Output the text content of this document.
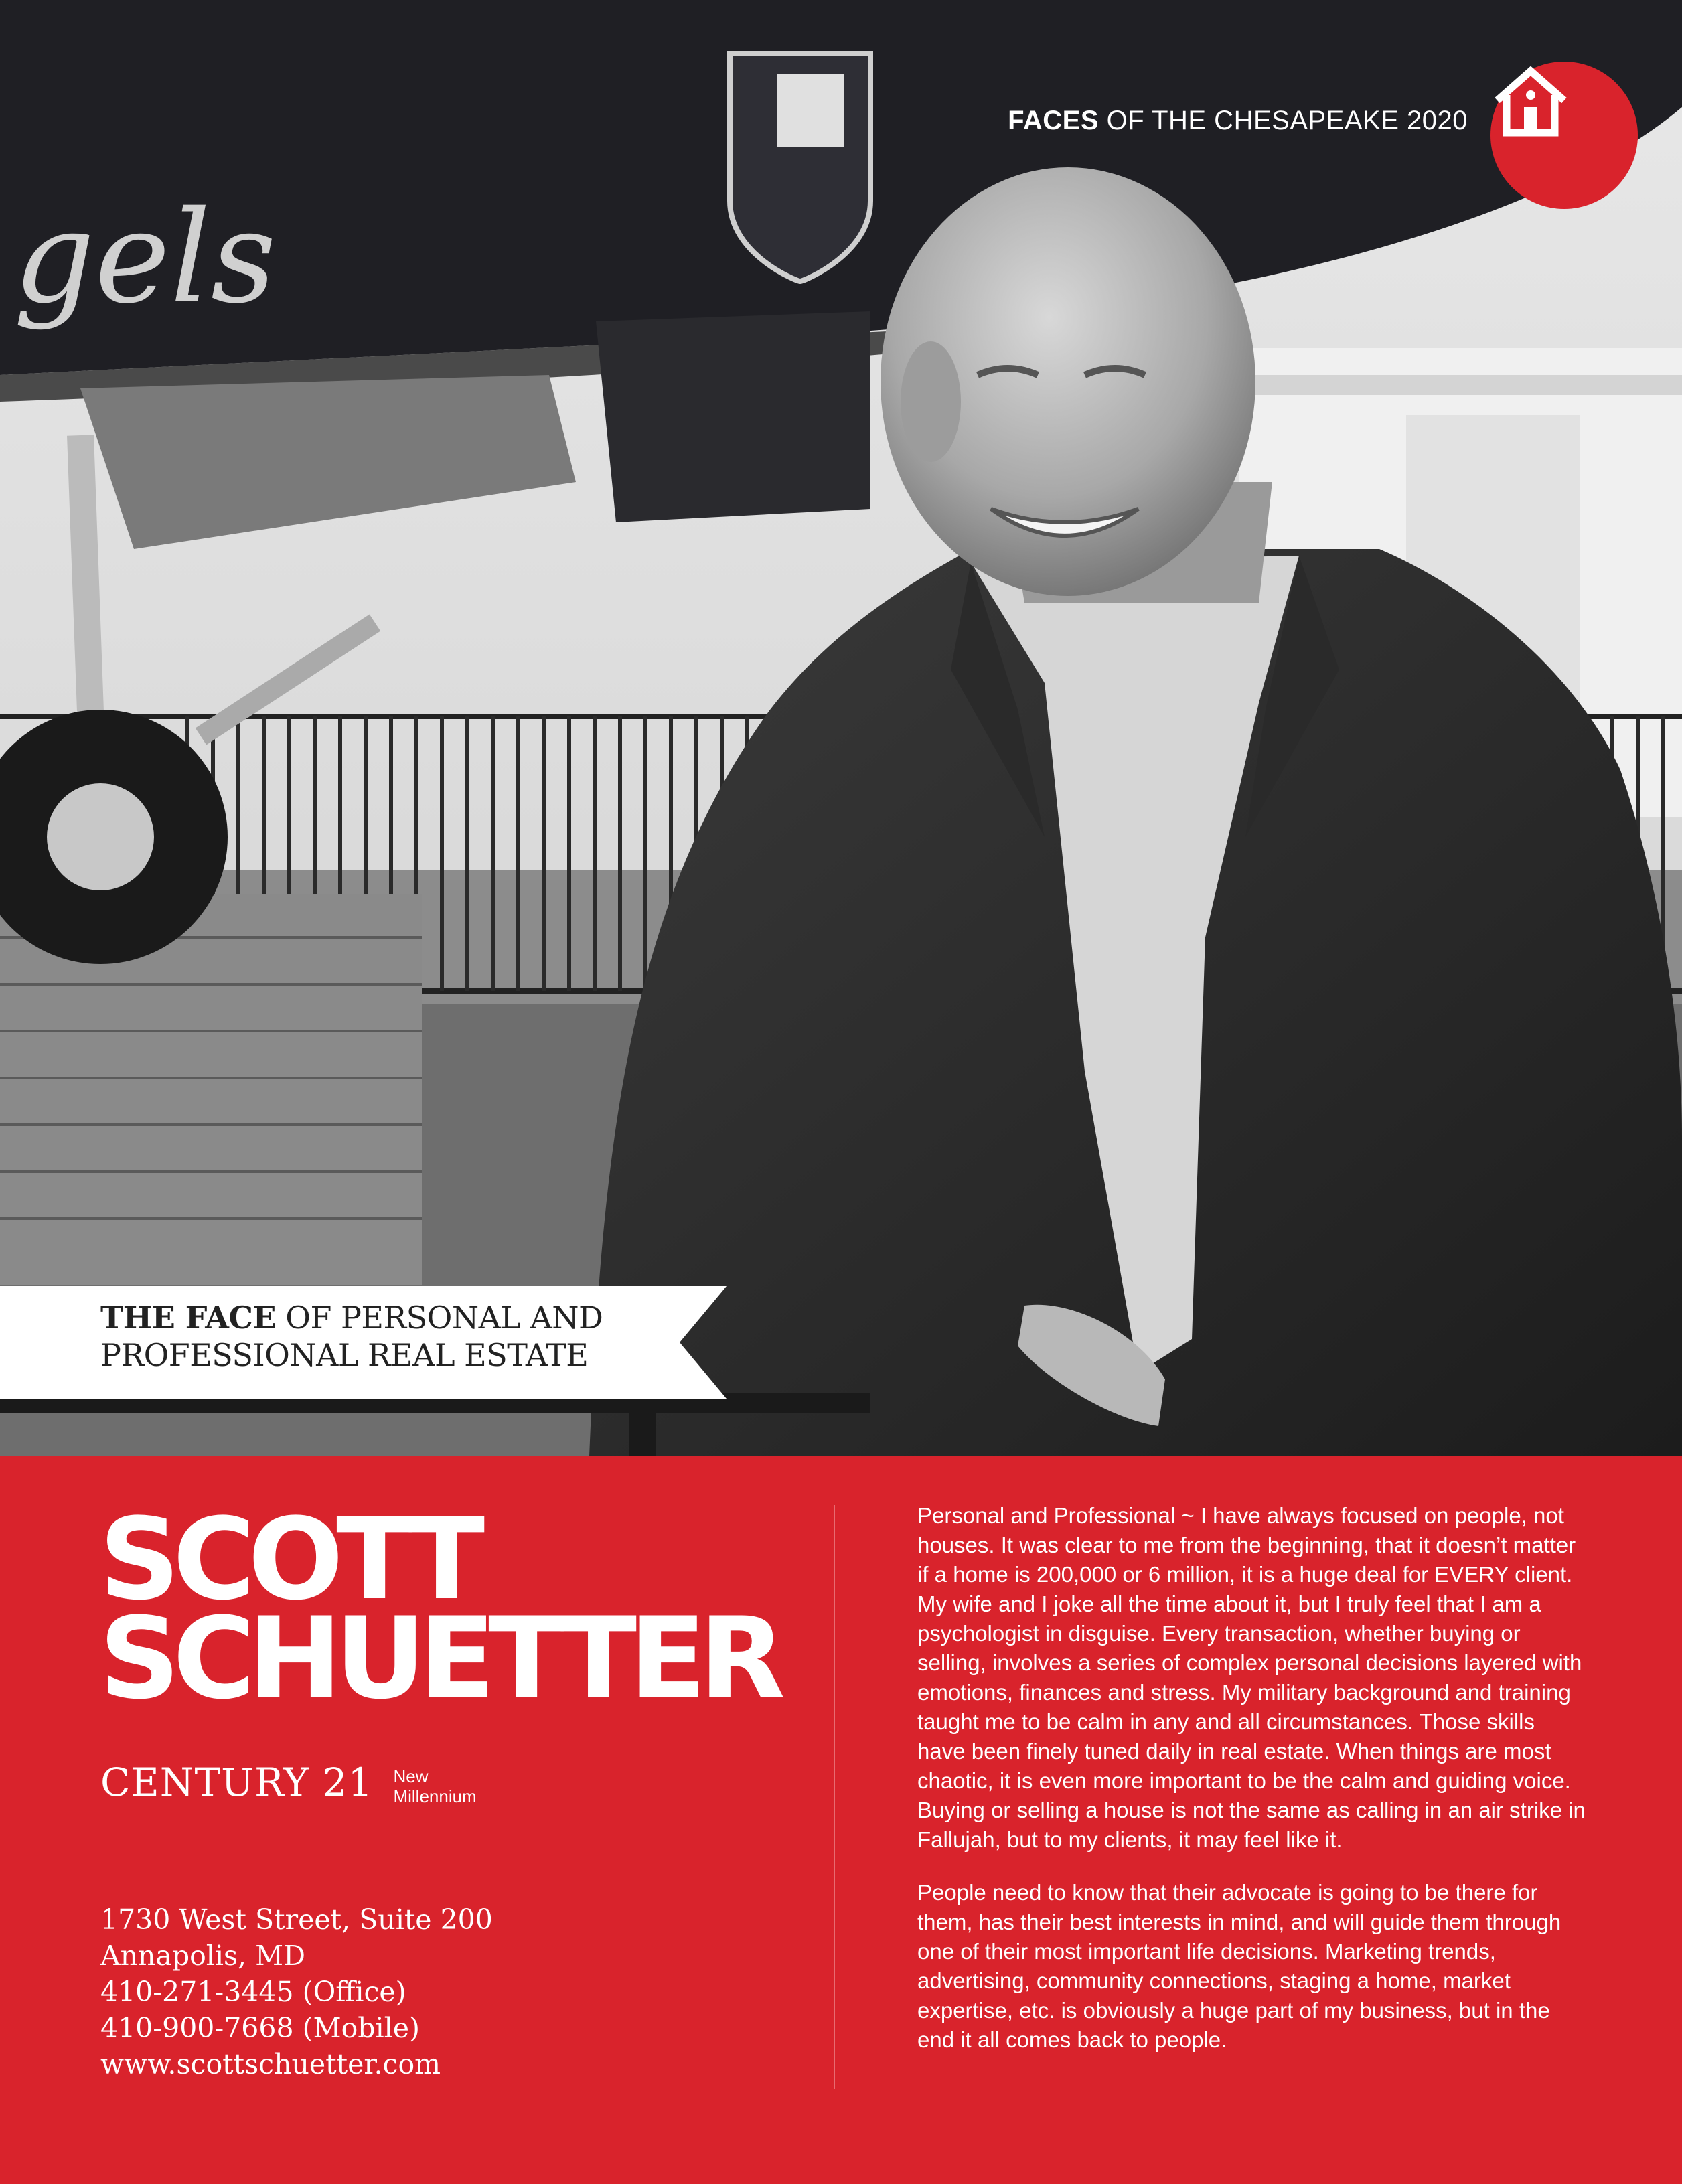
gels
FACES OF THE CHESAPEAKE 2020
THE FACE OF PERSONAL AND
PROFESSIONAL REAL ESTATE
SCOTT
SCHUETTER
CENTURY 21 New
Millennium
1730 West Street, Suite 200
Annapolis, MD
410-271-3445 (Office)
410-900-7668 (Mobile)
www.scottschuetter.com

Personal and Professional ~ I have always focused on people, not houses. It was clear to me from the beginning, that it doesn’t matter if a home is 200,000 or 6 million, it is a huge deal for EVERY client. My wife and I joke all the time about it, but I truly feel that I am a psychologist in disguise. Every transaction, whether buying or selling, involves a series of complex personal decisions layered with emotions, finances and stress. My military background and training taught me to be calm in any and all circumstances. Those skills have been finely tuned daily in real estate. When things are most chaotic, it is even more important to be the calm and guiding voice. Buying or selling a house is not the same as calling in an air strike in Fallujah, but to my clients, it may feel like it.

People need to know that their advocate is going to be there for them, has their best interests in mind, and will guide them through one of their most important life decisions. Marketing trends, advertising, community connections, staging a home, market expertise, etc. is obviously a huge part of my business, but in the end it all comes back to people.
